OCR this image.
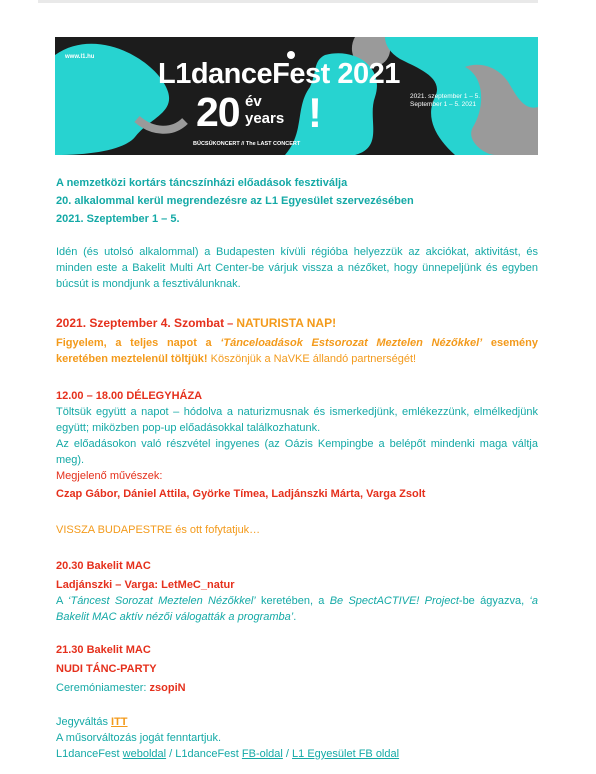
www.l1.hu
L1danceFest 2021
20 év
years !	2021. szeptember 1 – 5.
September 1 – 5. 2021
BÚCSÚKONCERT // The LAST CONCERT

A nemzetközi kortárs táncszínházi előadások fesztiválja

20. alkalommal kerül megrendezésre az L1 Egyesület szervezésében

2021. Szeptember 1 – 5.

Idén (és utolsó alkalommal) a Budapesten kívüli régióba helyezzük az akciókat, aktivitást, és minden este a Bakelit Multi Art Center-be várjuk vissza a nézőket, hogy ünnepeljünk és egyben búcsút is mondjunk a fesztiválunknak.

2021. Szeptember 4. Szombat – NATURISTA NAP!
Figyelem, a teljes napot a ‘Tánceloadások Estsorozat Meztelen Nézőkkel’ esemény keretében meztelenül töltjük! Köszönjük a NaVKE állandó partnerségét!

12.00 – 18.00 DÉLEGYHÁZA

Töltsük együtt a napot – hódolva a naturizmusnak és ismerkedjünk, emlékezzünk, elmélkedjünk együtt; miközben pop-up előadásokkal találkozhatunk.

Az előadásokon való részvétel ingyenes (az Oázis Kempingbe a belépőt mindenki maga váltja meg).

Megjelenő művészek:

Czap Gábor, Dániel Attila, Györke Tímea, Ladjánszki Márta, Varga Zsolt

VISSZA BUDAPESTRE és ott fofytatjuk…

20.30 Bakelit MAC

Ladjánszki – Varga: LetMeC_natur

A ‘Táncest Sorozat Meztelen Nézőkkel’ keretében, a Be SpectACTIVE! Project-be ágyazva, ‘a Bakelit MAC aktív nézői válogatták a programba’.

21.30 Bakelit MAC

NUDI TÁNC-PARTY

Ceremóniamester: zsopiN

Jegyváltás ITT

A műsorváltozás jogát fenntartjuk.

L1danceFest weboldal / L1danceFest FB-oldal / L1 Egyesület FB oldal
